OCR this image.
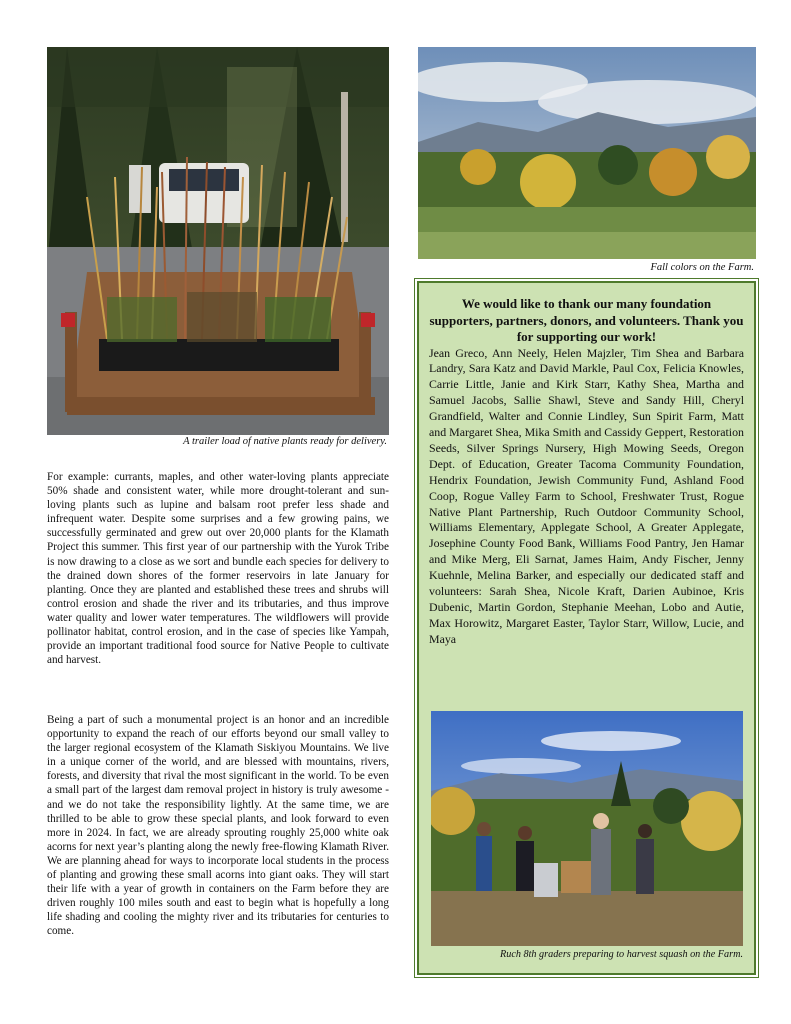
A trailer load of native plants ready for delivery.
Fall colors on the Farm.

For example: currants, maples, and other water-loving plants appreciate 50% shade and consistent water, while more drought-tolerant and sun-loving plants such as lupine and balsam root prefer less shade and infrequent water. Despite some surprises and a few growing pains, we successfully germinated and grew out over 20,000 plants for the Klamath Project this summer. This first year of our partnership with the Yurok Tribe is now drawing to a close as we sort and bundle each species for delivery to the drained down shores of the former reservoirs in late January for planting. Once they are planted and established these trees and shrubs will control erosion and shade the river and its tributaries, and thus improve water quality and lower water temperatures. The wildflowers will provide pollinator habitat, control erosion, and in the case of species like Yampah, provide an important traditional food source for Native People to cultivate and harvest.

Being a part of such a monumental project is an honor and an incredible opportunity to expand the reach of our efforts beyond our small valley to the larger regional ecosystem of the Klamath Siskiyou Mountains. We live in a unique corner of the world, and are blessed with mountains, rivers, forests, and diversity that rival the most significant in the world. To be even a small part of the largest dam removal project in history is truly awesome - and we do not take the responsibility lightly. At the same time, we are thrilled to be able to grow these special plants, and look forward to even more in 2024. In fact, we are already sprouting roughly 25,000 white oak acorns for next year’s planting along the newly free-flowing Klamath River. We are planning ahead for ways to incorporate local students in the process of planting and growing these small acorns into giant oaks. They will start their life with a year of growth in containers on the Farm before they are driven roughly 100 miles south and east to begin what is hopefully a long life shading and cooling the mighty river and its tributaries for centuries to come.

We would like to thank our many foundation supporters, partners, donors, and volunteers. Thank you for supporting our work!
Jean Greco, Ann Neely, Helen Majzler, Tim Shea and Barbara Landry, Sara Katz and David Markle, Paul Cox, Felicia Knowles, Carrie Little, Janie and Kirk Starr, Kathy Shea, Martha and Samuel Jacobs, Sallie Shawl, Steve and Sandy Hill, Cheryl Grandfield, Walter and Connie Lindley, Sun Spirit Farm, Matt and Margaret Shea, Mika Smith and Cassidy Geppert, Restoration Seeds, Silver Springs Nursery, High Mowing Seeds, Oregon Dept. of Education, Greater Tacoma Community Foundation, Hendrix Foundation, Jewish Community Fund, Ashland Food Coop, Rogue Valley Farm to School, Freshwater Trust, Rogue Native Plant Partnership, Ruch Outdoor Community School, Williams Elementary, Applegate School, A Greater Applegate, Josephine County Food Bank, Williams Food Pantry, Jen Hamar and Mike Merg, Eli Sarnat, James Haim, Andy Fischer, Jenny Kuehnle, Melina Barker, and especially our dedicated staff and volunteers: Sarah Shea, Nicole Kraft, Darien Aubinoe, Kris Dubenic, Martin Gordon, Stephanie Meehan, Lobo and Autie, Max Horowitz, Margaret Easter, Taylor Starr, Willow, Lucie, and Maya
Ruch 8th graders preparing to harvest squash on the Farm.
